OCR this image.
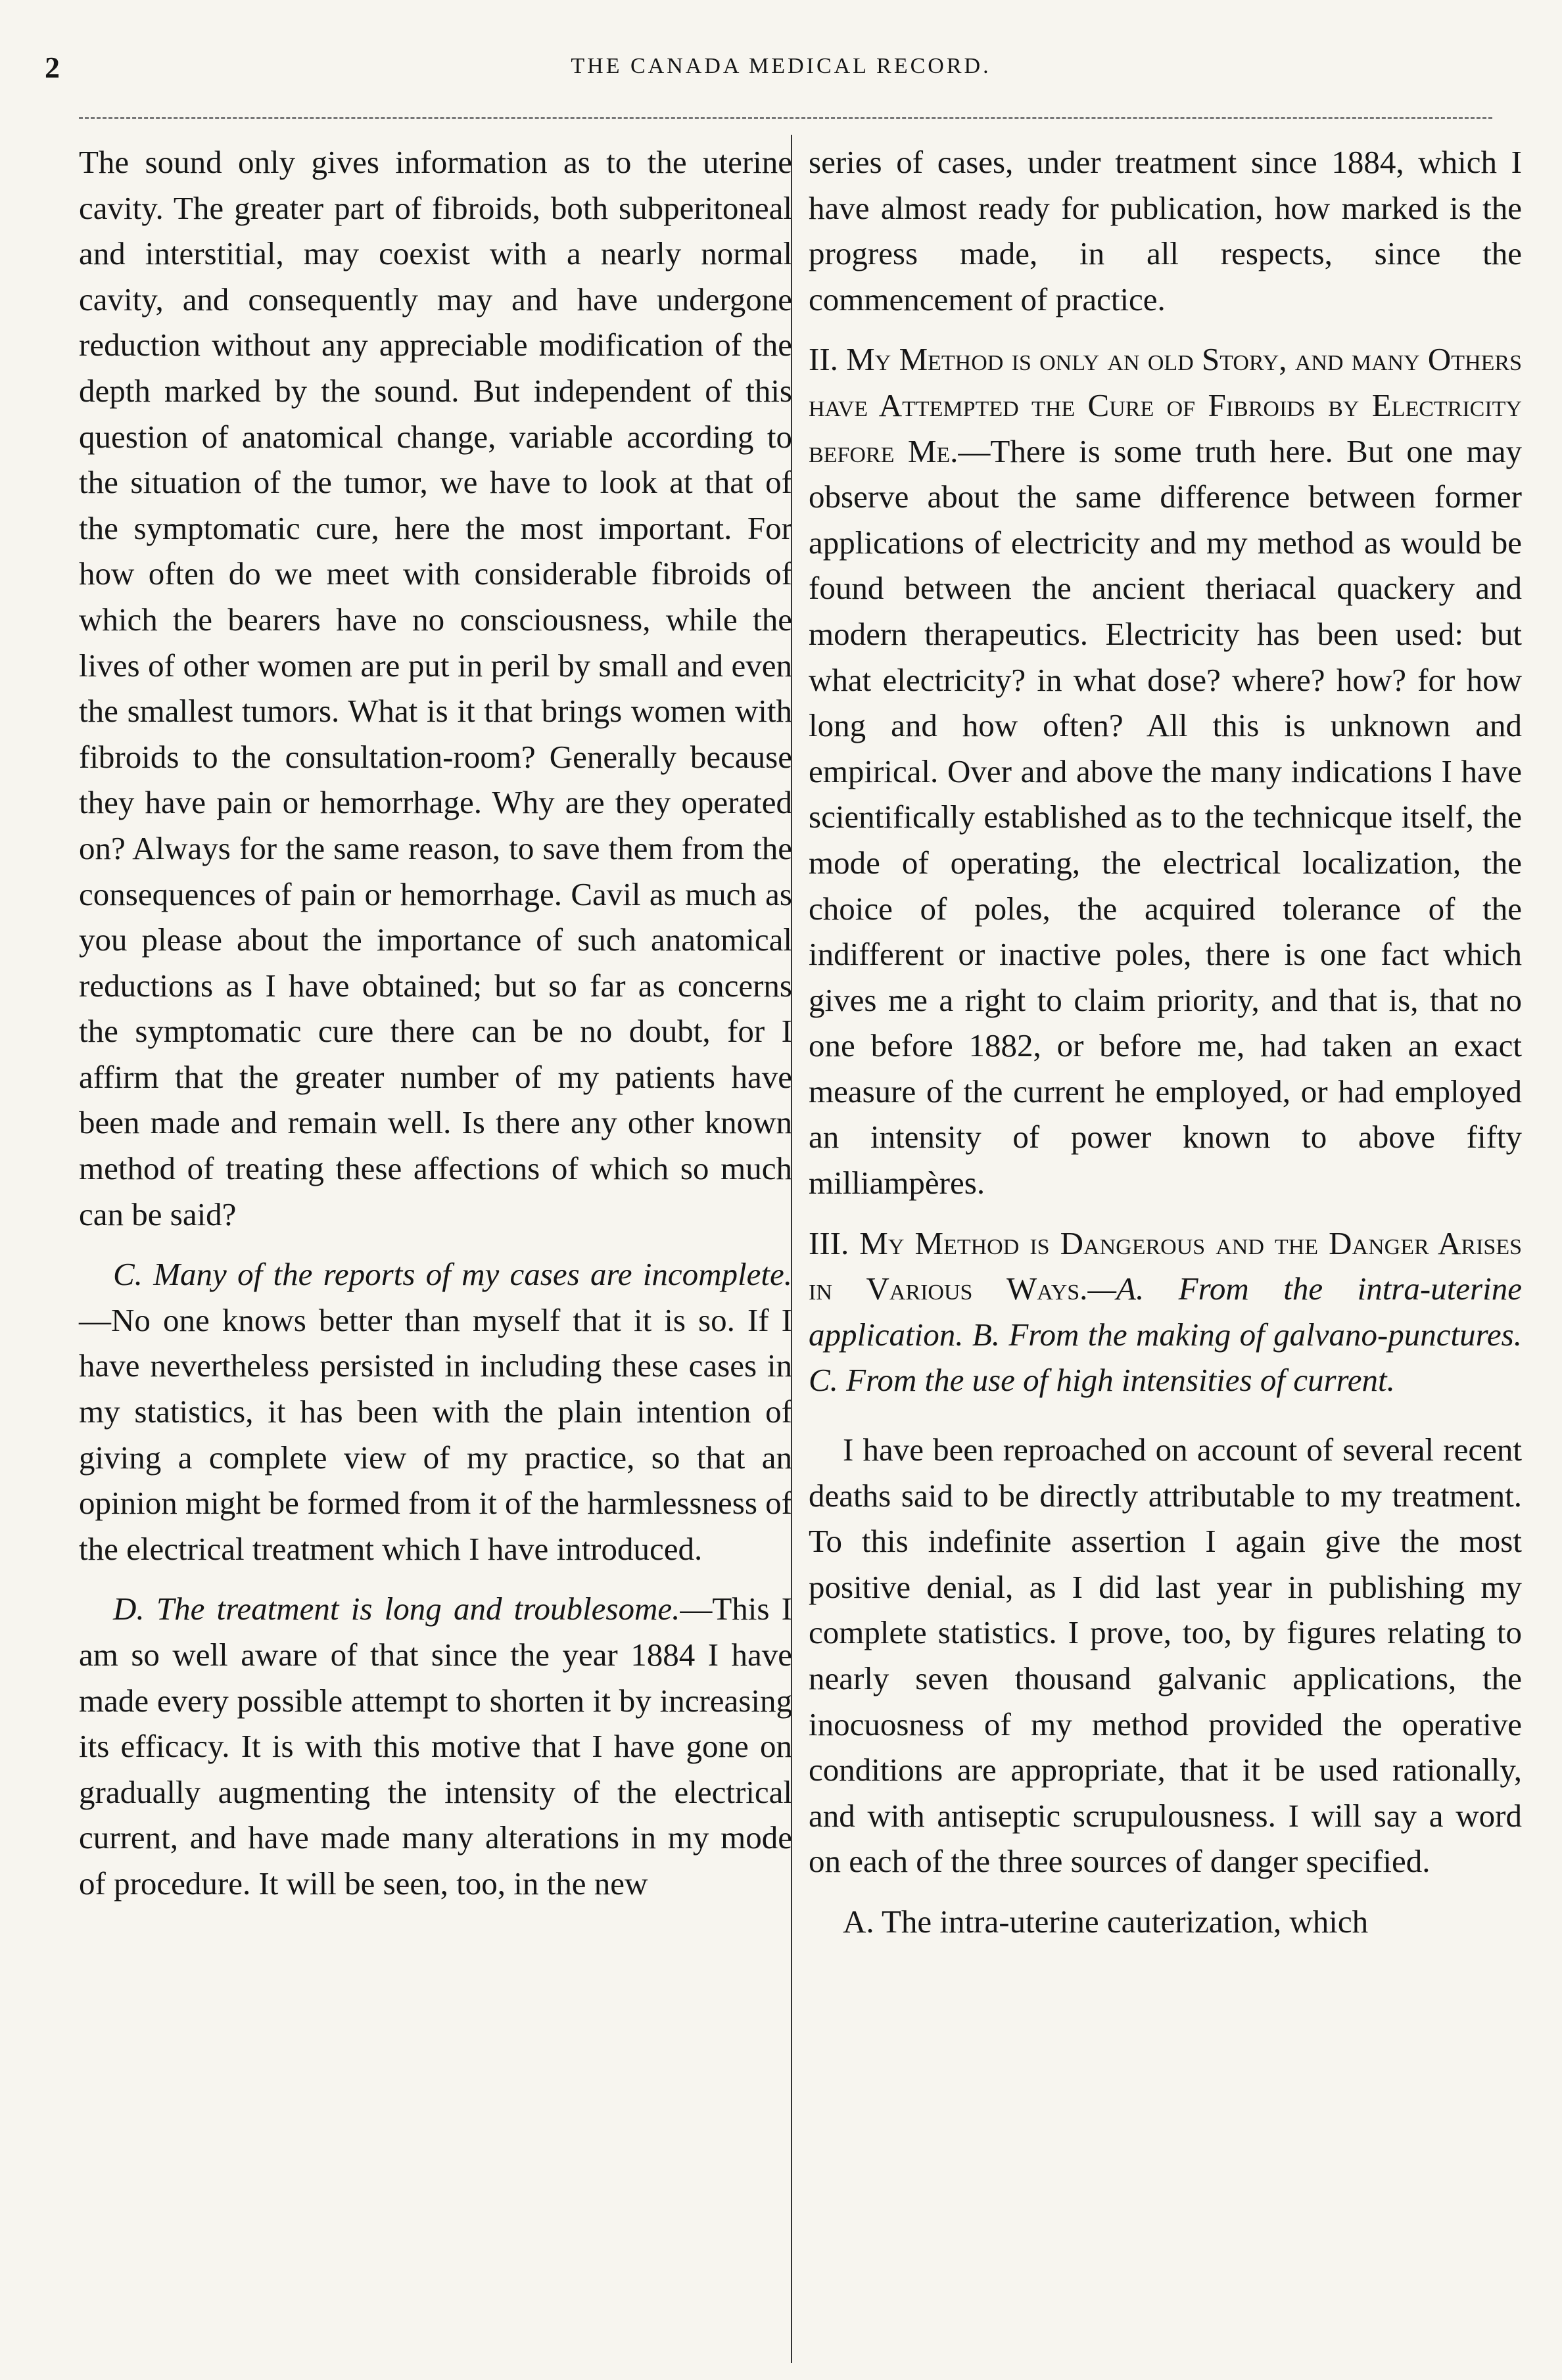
2	THE CANADA MEDICAL RECORD.

The sound only gives information as to the uterine cavity. The greater part of fibroids, both subperitoneal and interstitial, may coexist with a nearly normal cavity, and consequently may and have undergone reduction without any appreciable modification of the depth marked by the sound. But independent of this question of anatomical change, variable according to the situation of the tumor, we have to look at that of the symptomatic cure, here the most important. For how often do we meet with considerable fibroids of which the bearers have no consciousness, while the lives of other women are put in peril by small and even the smallest tumors. What is it that brings women with fibroids to the consultation-room? Generally because they have pain or hemorrhage. Why are they operated on? Always for the same reason, to save them from the consequences of pain or hemorrhage. Cavil as much as you please about the importance of such anatomical reductions as I have obtained; but so far as concerns the symptomatic cure there can be no doubt, for I affirm that the greater number of my patients have been made and remain well. Is there any other known method of treating these affections of which so much can be said?

C. Many of the reports of my cases are incomplete.—No one knows better than myself that it is so. If I have nevertheless persisted in including these cases in my statistics, it has been with the plain intention of giving a complete view of my practice, so that an opinion might be formed from it of the harmlessness of the electrical treatment which I have introduced.

D. The treatment is long and troublesome.—This I am so well aware of that since the year 1884 I have made every possible attempt to shorten it by increasing its efficacy. It is with this motive that I have gone on gradually augmenting the intensity of the electrical current, and have made many alterations in my mode of procedure. It will be seen, too, in the new

series of cases, under treatment since 1884, which I have almost ready for publication, how marked is the progress made, in all respects, since the commencement of practice.

II. My Method is only an old Story, and many Others have Attempted the Cure of Fibroids by Electricity before Me.—There is some truth here. But one may observe about the same difference between former applications of electricity and my method as would be found between the ancient theriacal quackery and modern therapeutics. Electricity has been used: but what electricity? in what dose? where? how? for how long and how often? All this is unknown and empirical. Over and above the many indications I have scientifically established as to the technicque itself, the mode of operating, the electrical localization, the choice of poles, the acquired tolerance of the indifferent or inactive poles, there is one fact which gives me a right to claim priority, and that is, that no one before 1882, or before me, had taken an exact measure of the current he employed, or had employed an intensity of power known to above fifty milliampères.

III. My Method is Dangerous and the Danger Arises in Various Ways.—A. From the intra-uterine application. B. From the making of galvano-punctures. C. From the use of high intensities of current.

I have been reproached on account of several recent deaths said to be directly attributable to my treatment. To this indefinite assertion I again give the most positive denial, as I did last year in publishing my complete statistics. I prove, too, by figures relating to nearly seven thousand galvanic applications, the inocuosness of my method provided the operative conditions are appropriate, that it be used rationally, and with antiseptic scrupulousness. I will say a word on each of the three sources of danger specified.

A. The intra-uterine cauterization, which
